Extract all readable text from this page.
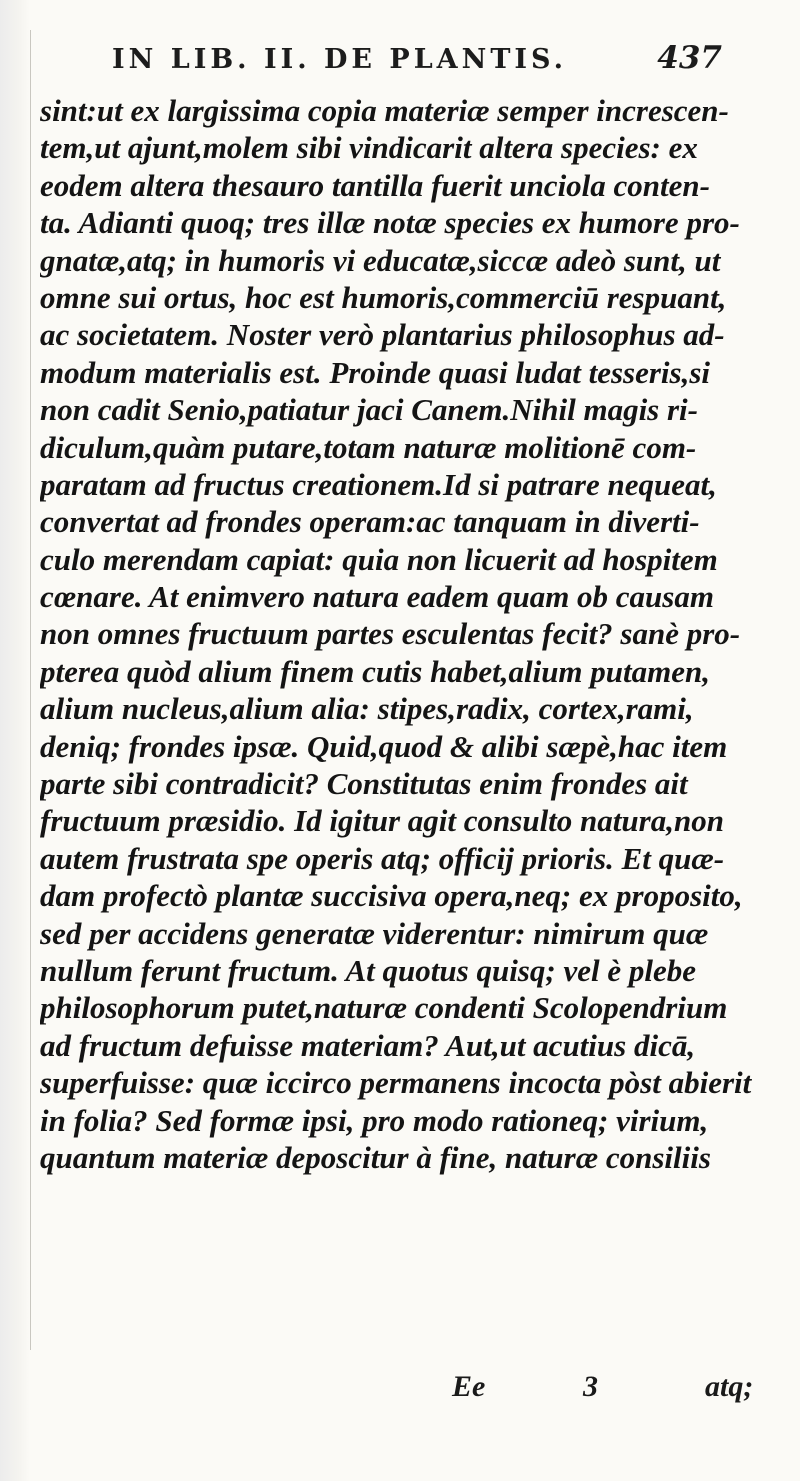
IN LIB. II. DE PLANTIS.	437
sint:ut ex largissima copia materiæ semper increscen-
tem,ut ajunt,molem sibi vindicarit altera species: ex
eodem altera thesauro tantilla fuerit unciola conten-
ta. Adianti quoq; tres illæ notæ species ex humore pro-
gnatæ,atq; in humoris vi educatæ,siccæ adeò sunt, ut
omne sui ortus, hoc est humoris,commerciū respuant,
ac societatem. Noster verò plantarius philosophus ad-
modum materialis est. Proinde quasi ludat tesseris,si
non cadit Senio,patiatur jaci Canem.Nihil magis ri-
diculum,quàm putare,totam naturæ molitionē com-
paratam ad fructus creationem.Id si patrare nequeat,
convertat ad frondes operam:ac tanquam in diverti-
culo merendam capiat: quia non licuerit ad hospitem
cœnare. At enimvero natura eadem quam ob causam
non omnes fructuum partes esculentas fecit? sanè pro-
pterea quòd alium finem cutis habet,alium putamen,
alium nucleus,alium alia: stipes,radix, cortex,rami,
deniq; frondes ipsæ. Quid,quod & alibi sæpè,hac item
parte sibi contradicit? Constitutas enim frondes ait
fructuum præsidio. Id igitur agit consulto natura,non
autem frustrata spe operis atq; officij prioris. Et quæ-
dam profectò plantæ succisiva opera,neq; ex proposito,
sed per accidens generatæ viderentur: nimirum quæ
nullum ferunt fructum. At quotus quisq; vel è plebe
philosophorum putet,naturæ condenti Scolopendrium
ad fructum defuisse materiam? Aut,ut acutius dicā,
superfuisse: quæ iccirco permanens incocta pòst abierit
in folia? Sed formæ ipsi, pro modo rationeq; virium,
quantum materiæ deposcitur à fine, naturæ consiliis
Ee	3	atq;
